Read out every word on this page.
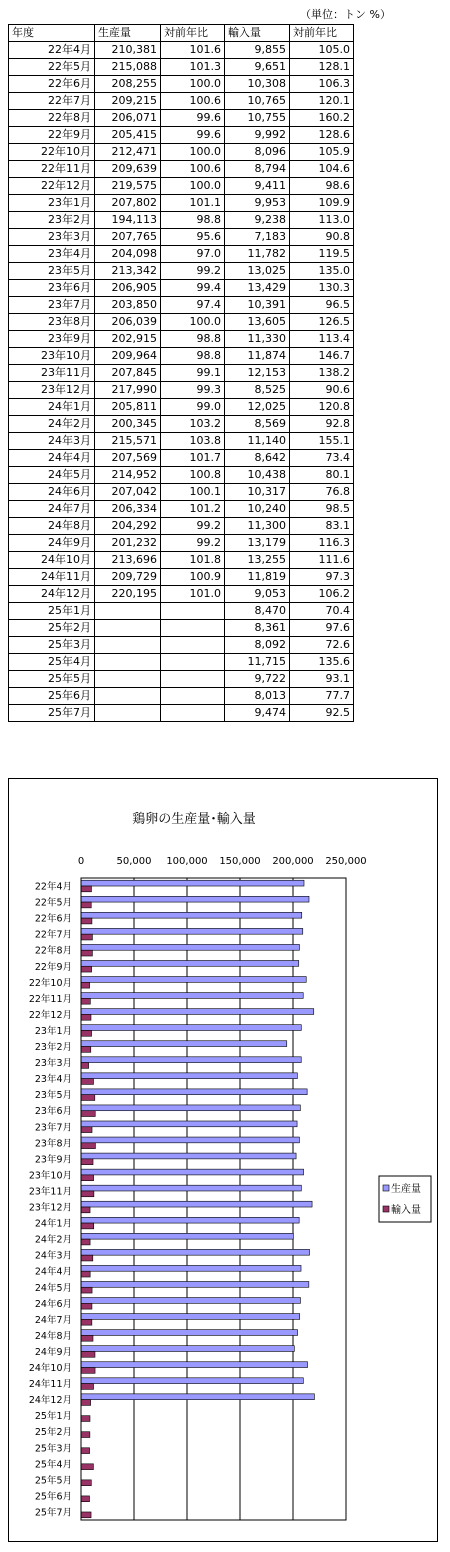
（単位：トン %）
年度	生産量	対前年比	輸入量	対前年比
22年4月	210,381	101.6	9,855	105.0
22年5月	215,088	101.3	9,651	128.1
22年6月	208,255	100.0	10,308	106.3
22年7月	209,215	100.6	10,765	120.1
22年8月	206,071	99.6	10,755	160.2
22年9月	205,415	99.6	9,992	128.6
22年10月	212,471	100.0	8,096	105.9
22年11月	209,639	100.6	8,794	104.6
22年12月	219,575	100.0	9,411	98.6
23年1月	207,802	101.1	9,953	109.9
23年2月	194,113	98.8	9,238	113.0
23年3月	207,765	95.6	7,183	90.8
23年4月	204,098	97.0	11,782	119.5
23年5月	213,342	99.2	13,025	135.0
23年6月	206,905	99.4	13,429	130.3
23年7月	203,850	97.4	10,391	96.5
23年8月	206,039	100.0	13,605	126.5
23年9月	202,915	98.8	11,330	113.4
23年10月	209,964	98.8	11,874	146.7
23年11月	207,845	99.1	12,153	138.2
23年12月	217,990	99.3	8,525	90.6
24年1月	205,811	99.0	12,025	120.8
24年2月	200,345	103.2	8,569	92.8
24年3月	215,571	103.8	11,140	155.1
24年4月	207,569	101.7	8,642	73.4
24年5月	214,952	100.8	10,438	80.1
24年6月	207,042	100.1	10,317	76.8
24年7月	206,334	101.2	10,240	98.5
24年8月	204,292	99.2	11,300	83.1
24年9月	201,232	99.2	13,179	116.3
24年10月	213,696	101.8	13,255	111.6
24年11月	209,729	100.9	11,819	97.3
24年12月	220,195	101.0	9,053	106.2
25年1月			8,470	70.4
25年2月			8,361	97.6
25年3月			8,092	72.6
25年4月			11,715	135.6
25年5月			9,722	93.1
25年6月			8,013	77.7
25年7月			9,474	92.5
鶏卵の生産量･輸入量
0	50,000 100,000 150,000 200,000 250,000
22年4月
22年5月
22年6月
22年7月
22年8月
22年9月
22年10月
22年11月
22年12月
23年1月
23年2月
23年3月
23年4月
23年5月
23年6月
23年7月
23年8月
23年9月
23年10月
23年11月
23年12月
24年1月
24年2月
24年3月
24年4月
24年5月
24年6月
24年7月
24年8月
24年9月
24年10月
24年11月
24年12月
25年1月
25年2月
25年3月
25年4月
25年5月
25年6月
25年7月
生産量
輸入量
